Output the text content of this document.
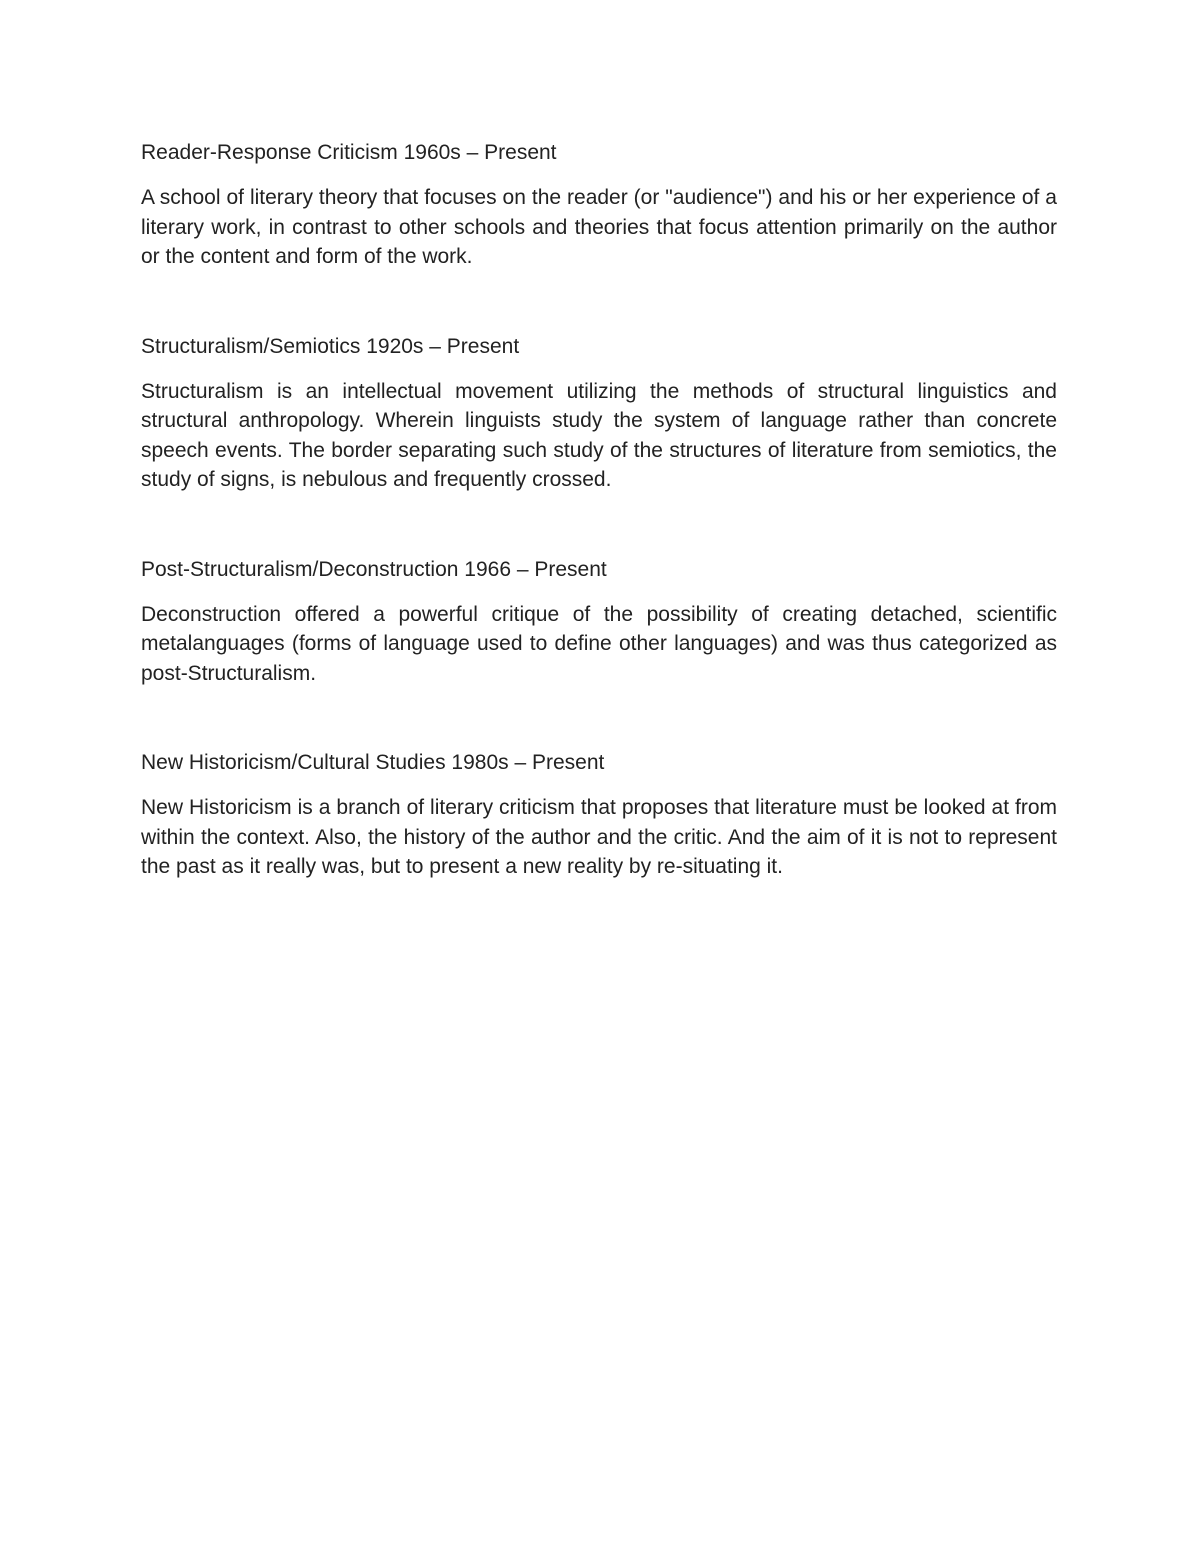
Reader-Response Criticism 1960s – Present

A school of literary theory that focuses on the reader (or "audience") and his or her experience of a literary work, in contrast to other schools and theories that focus attention primarily on the author or the content and form of the work.

Structuralism/Semiotics 1920s – Present

Structuralism is an intellectual movement utilizing the methods of structural linguistics and structural anthropology. Wherein linguists study the system of language rather than concrete speech events. The border separating such study of the structures of literature from semiotics, the study of signs, is nebulous and frequently crossed.

Post-Structuralism/Deconstruction 1966 – Present

Deconstruction offered a powerful critique of the possibility of creating detached, scientific metalanguages (forms of language used to define other languages) and was thus categorized as post-Structuralism.

New Historicism/Cultural Studies 1980s – Present

New Historicism is a branch of literary criticism that proposes that literature must be looked at from within the context. Also, the history of the author and the critic. And the aim of it is not to represent the past as it really was, but to present a new reality by re-situating it.
